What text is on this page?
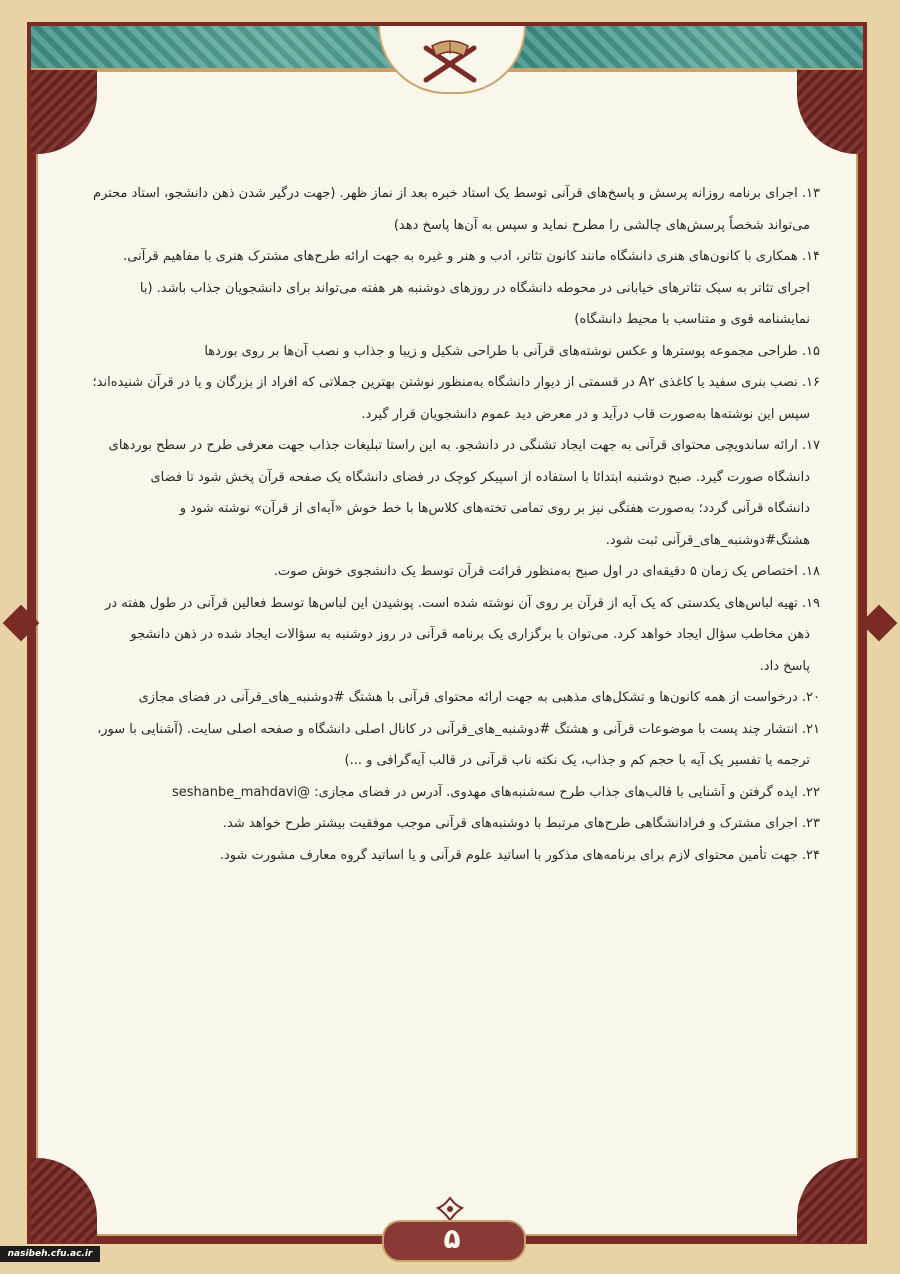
۱۳. اجرای برنامه روزانه پرسش و پاسخ‌های قرآنی توسط یک استاد خبره بعد از نماز ظهر. (جهت درگیر شدن ذهن دانشجو، استاد محترم

می‌تواند شخصاً پرسش‌های چالشی را مطرح نماید و سپس به آن‌ها پاسخ دهد)

۱۴. همکاری با کانون‌های هنری دانشگاه مانند کانون تئاتر، ادب و هنر و غیره به جهت ارائه طرح‌های مشترک هنری با مفاهیم قرآنی.

اجرای تئاتر به سبک تئاترهای خیابانی در محوطه دانشگاه در روزهای دوشنبه هر هفته می‌تواند برای دانشجویان جذاب باشد. (با

نمایشنامه قوی و متناسب با محیط دانشگاه)

۱۵. طراحی مجموعه پوسترها و عکس نوشته‌های قرآنی با طراحی شکیل و زیبا و جذاب و نصب آن‌ها بر روی بوردها

۱۶. نصب بنری سفید یا کاغذی A۲ در قسمتی از دیوار دانشگاه به‌منظور نوشتن بهترین جملاتی که افراد از بزرگان و یا در قرآن شنیده‌اند؛

سپس این نوشته‌ها به‌صورت قاب درآید و در معرض دید عموم دانشجویان قرار گیرد.

۱۷. ارائه ساندویچی محتوای قرآنی به جهت ایجاد تشنگی در دانشجو. به این راستا تبلیغات جذاب جهت معرفی طرح در سطح بوردهای

دانشگاه صورت گیرد. صبح دوشنبه ابتدائا با استفاده از اسپیکر کوچک در فضای دانشگاه یک صفحه قرآن پخش شود تا فضای

دانشگاه قرآنی گردد؛ به‌صورت هفتگی نیز بر روی تمامی تخته‌های کلاس‌ها با خط خوش «آیه‌ای از قرآن» نوشته شود و

هشتگ#دوشنبه_های_قرآنی ثبت شود.

۱۸. اختصاص یک زمان ۵ دقیقه‌ای در اول صبح به‌منظور قرائت قرآن توسط یک دانشجوی خوش صوت.

۱۹. تهیه لباس‌های یکدستی که یک آیه از قرآن بر روی آن نوشته شده است. پوشیدن این لباس‌ها توسط فعالین قرآنی در طول هفته در

ذهن مخاطب سؤال ایجاد خواهد کرد. می‌توان با برگزاری یک برنامه قرآنی در روز دوشنبه به سؤالات ایجاد شده در ذهن دانشجو

پاسخ داد.

۲۰. درخواست از همه کانون‌ها و تشکل‌های مذهبی به جهت ارائه محتوای قرآنی با هشتگ #دوشنبه_های_قرآنی در فضای مجازی

۲۱. انتشار چند پست با موضوعات قرآنی و هشتگ #دوشنبه_های_قرآنی در کانال اصلی دانشگاه و صفحه اصلی سایت. (آشنایی با سور،

ترجمه یا تفسیر یک آیه با حجم کم و جذاب، یک نکته ناب قرآنی در قالب آیه‌گرافی و ...)

۲۲. ایده گرفتن و آشنایی با قالب‌های جذاب طرح سه‌شنبه‌های مهدوی. آدرس در فضای مجازی: @seshanbe_mahdavi

۲۳. اجرای مشترک و فرادانشگاهی طرح‌های مرتبط با دوشنبه‌های قرآنی موجب موفقیت بیشتر طرح خواهد شد.

۲۴. جهت تأمین محتوای لازم برای برنامه‌های مذکور با اساتید علوم قرآنی و یا اساتید گروه معارف مشورت شود.

۵
nasibeh.cfu.ac.ir
